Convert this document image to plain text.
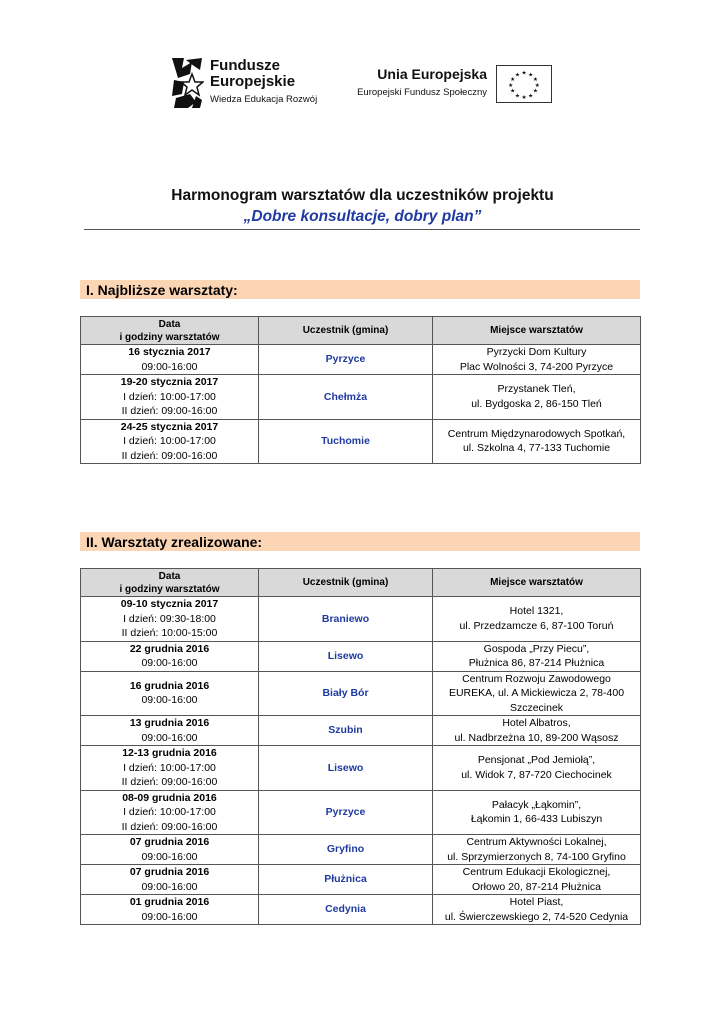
Fundusze
Europejskie
Wiedza Edukacja Rozwój
Unia Europejska
Europejski Fundusz Społeczny
★ ★
★
★
★
★
★
★
★
★
★
★
Harmonogram warsztatów dla uczestników projektu
„Dobre konsultacje, dobry plan”
I. Najbliższe warsztaty:
Data
i godziny warsztatów	Uczestnik (gmina)	Miejsce warsztatów

16 stycznia 2017
09:00-16:00	Pyrzyce	Pyrzycki Dom Kultury
Plac Wolności 3, 74-200 Pyrzyce

19-20 stycznia 2017
I dzień: 10:00-17:00
II dzień: 09:00-16:00	Chełmża	Przystanek Tleń,
ul. Bydgoska 2, 86-150 Tleń

24-25 stycznia 2017
I dzień: 10:00-17:00
II dzień: 09:00-16:00	Tuchomie	Centrum Międzynarodowych Spotkań,
ul. Szkolna 4, 77-133 Tuchomie
II. Warsztaty zrealizowane:
Data
i godziny warsztatów	Uczestnik (gmina)	Miejsce warsztatów

09-10 stycznia 2017
I dzień: 09:30-18:00
II dzień: 10:00-15:00	Braniewo	Hotel 1321,
ul. Przedzamcze 6, 87-100 Toruń

22 grudnia 2016
09:00-16:00	Lisewo	Gospoda „Przy Piecu”,
Płużnica 86, 87-214 Płużnica

16 grudnia 2016
09:00-16:00	Biały Bór	Centrum Rozwoju Zawodowego
EUREKA, ul. A Mickiewicza 2, 78-400
Szczecinek

13 grudnia 2016
09:00-16:00	Szubin	Hotel Albatros,
ul. Nadbrzeżna 10, 89-200 Wąsosz

12-13 grudnia 2016
I dzień: 10:00-17:00
II dzień: 09:00-16:00	Lisewo	Pensjonat „Pod Jemiołą”,
ul. Widok 7, 87-720 Ciechocinek

08-09 grudnia 2016
I dzień: 10:00-17:00
II dzień: 09:00-16:00	Pyrzyce	Pałacyk „Łąkomin”,
Łąkomin 1, 66-433 Lubiszyn

07 grudnia 2016
09:00-16:00	Gryfino	Centrum Aktywności Lokalnej,
ul. Sprzymierzonych 8, 74-100 Gryfino

07 grudnia 2016
09:00-16:00	Płużnica	Centrum Edukacji Ekologicznej,
Orłowo 20, 87-214 Płużnica

01 grudnia 2016
09:00-16:00	Cedynia	Hotel Piast,
ul. Świerczewskiego 2, 74-520 Cedynia
